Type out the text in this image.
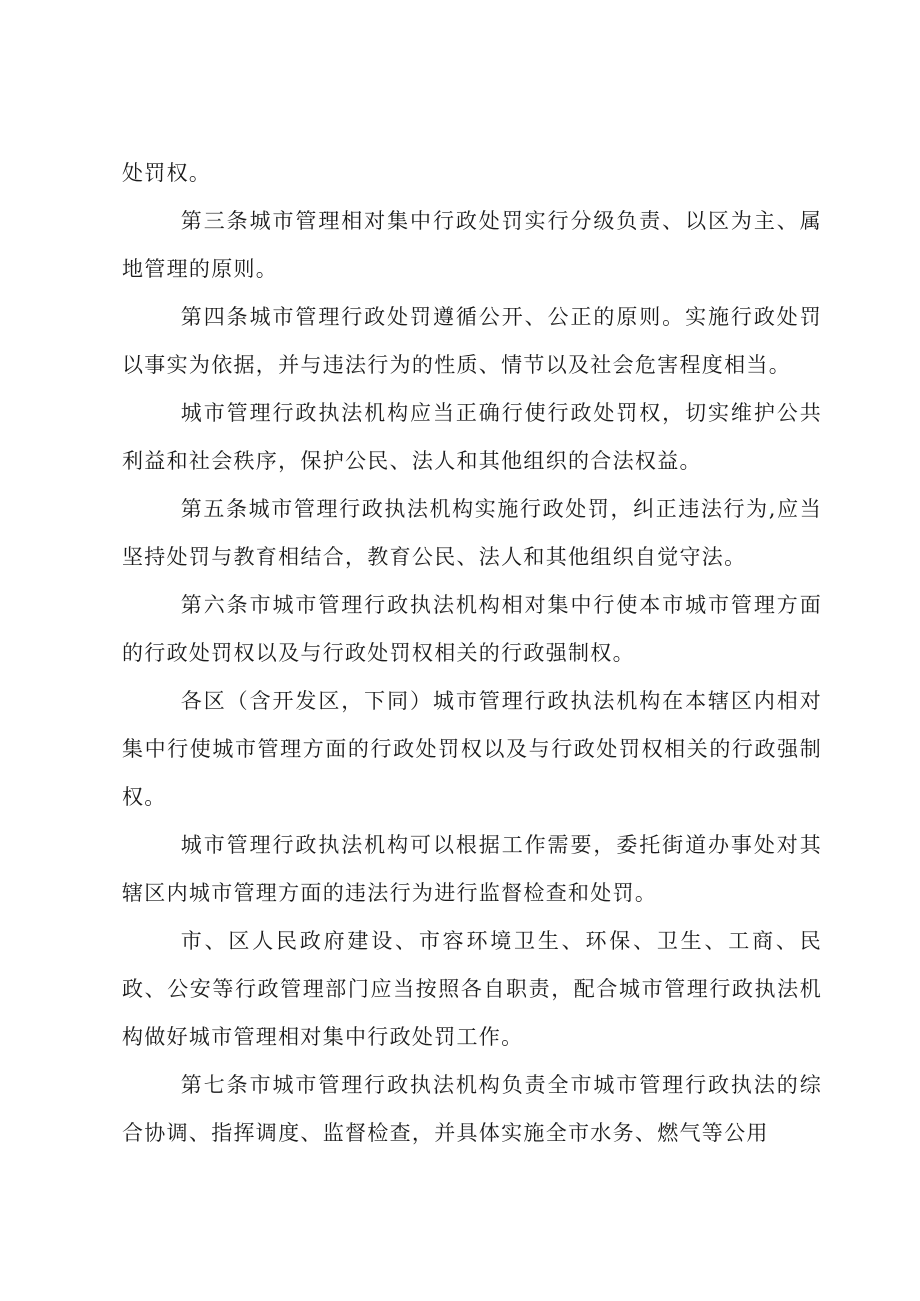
处罚权。

第三条城市管理相对集中行政处罚实行分级负责、以区为主、属地管理的原则。

第四条城市管理行政处罚遵循公开、公正的原则。实施行政处罚以事实为依据，并与违法行为的性质、情节以及社会危害程度相当。

城市管理行政执法机构应当正确行使行政处罚权，切实维护公共利益和社会秩序，保护公民、法人和其他组织的合法权益。

第五条城市管理行政执法机构实施行政处罚，纠正违法行为,应当坚持处罚与教育相结合，教育公民、法人和其他组织自觉守法。

第六条市城市管理行政执法机构相对集中行使本市城市管理方面的行政处罚权以及与行政处罚权相关的行政强制权。

各区（含开发区，下同）城市管理行政执法机构在本辖区内相对集中行使城市管理方面的行政处罚权以及与行政处罚权相关的行政强制权。

城市管理行政执法机构可以根据工作需要，委托街道办事处对其辖区内城市管理方面的违法行为进行监督检查和处罚。

市、区人民政府建设、市容环境卫生、环保、卫生、工商、民政、公安等行政管理部门应当按照各自职责，配合城市管理行政执法机构做好城市管理相对集中行政处罚工作。

第七条市城市管理行政执法机构负责全市城市管理行政执法的综合协调、指挥调度、监督检查，并具体实施全市水务、燃气等公用
